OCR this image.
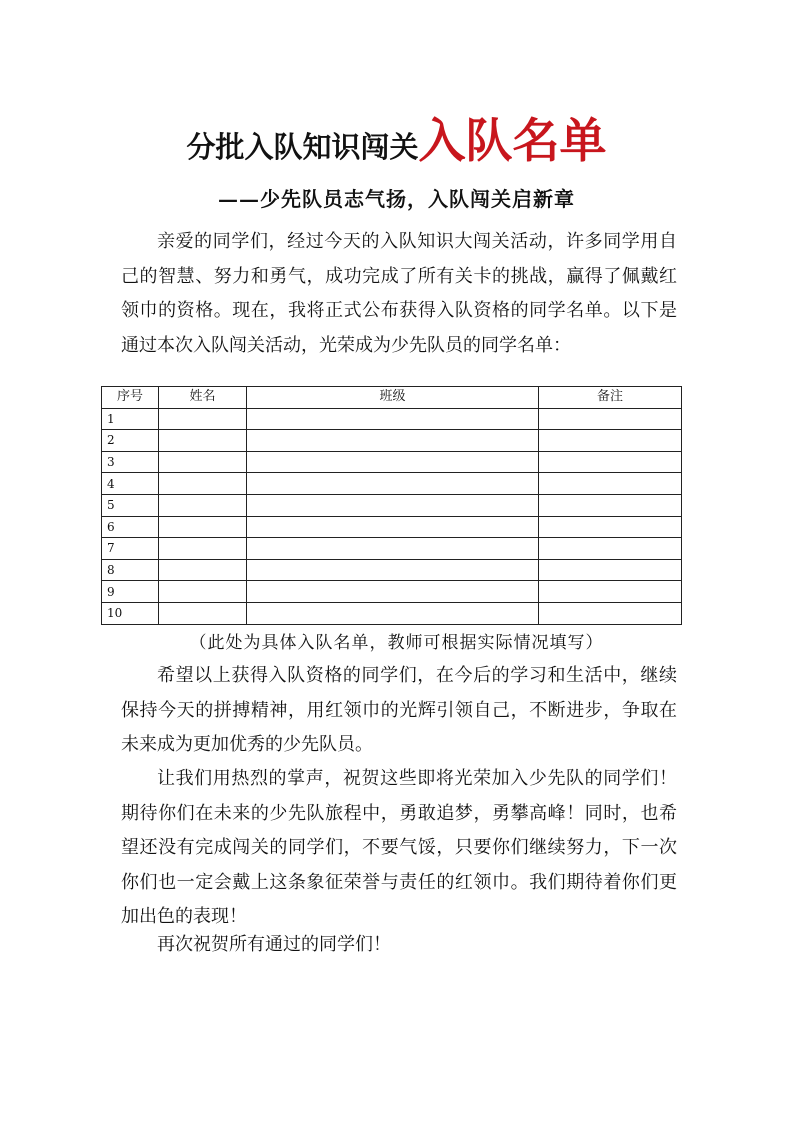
分批入队知识闯关入队名单
——少先队员志气扬，入队闯关启新章

亲爱的同学们，经过今天的入队知识大闯关活动，许多同学用自己的智慧、努力和勇气，成功完成了所有关卡的挑战，赢得了佩戴红领巾的资格。现在，我将正式公布获得入队资格的同学名单。以下是通过本次入队闯关活动，光荣成为少先队员的同学名单：

序号	姓名	班级	备注
1			
2			
3			
4			
5			
6			
7			
8			
9			
10			
（此处为具体入队名单，教师可根据实际情况填写）

希望以上获得入队资格的同学们，在今后的学习和生活中，继续保持今天的拼搏精神，用红领巾的光辉引领自己，不断进步，争取在未来成为更加优秀的少先队员。

让我们用热烈的掌声，祝贺这些即将光荣加入少先队的同学们！期待你们在未来的少先队旅程中，勇敢追梦，勇攀高峰！同时，也希望还没有完成闯关的同学们，不要气馁，只要你们继续努力，下一次你们也一定会戴上这条象征荣誉与责任的红领巾。我们期待着你们更加出色的表现！

再次祝贺所有通过的同学们！
